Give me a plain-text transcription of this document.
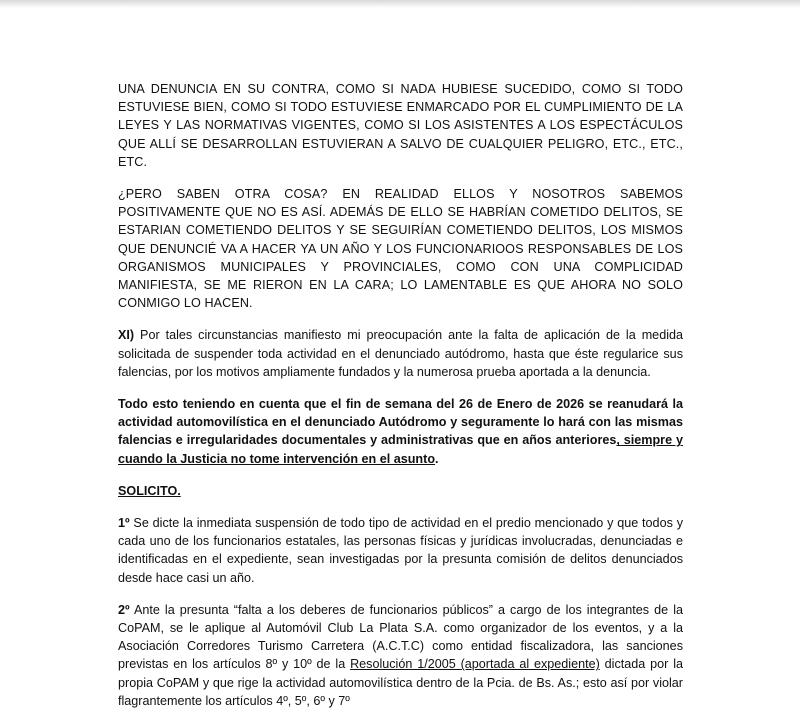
UNA DENUNCIA EN SU CONTRA, COMO SI NADA HUBIESE SUCEDIDO, COMO SI TODO ESTUVIESE BIEN, COMO SI TODO ESTUVIESE ENMARCADO POR EL CUMPLIMIENTO DE LA LEYES Y LAS NORMATIVAS VIGENTES, COMO SI LOS ASISTENTES A LOS ESPECTÁCULOS QUE ALLÍ SE DESARROLLAN ESTUVIERAN A SALVO DE CUALQUIER PELIGRO, ETC., ETC., ETC.

¿PERO SABEN OTRA COSA? EN REALIDAD ELLOS Y NOSOTROS SABEMOS POSITIVAMENTE QUE NO ES ASÍ. ADEMÁS DE ELLO SE HABRÍAN COMETIDO DELITOS, SE ESTARIAN COMETIENDO DELITOS Y SE SEGUIRÍAN COMETIENDO DELITOS, LOS MISMOS QUE DENUNCIÉ VA A HACER YA UN AÑO Y LOS FUNCIONARIOOS RESPONSABLES DE LOS ORGANISMOS MUNICIPALES Y PROVINCIALES, COMO CON UNA COMPLICIDAD MANIFIESTA, SE ME RIERON EN LA CARA; LO LAMENTABLE ES QUE AHORA NO SOLO CONMIGO LO HACEN.

XI) Por tales circunstancias manifiesto mi preocupación ante la falta de aplicación de la medida solicitada de suspender toda actividad en el denunciado autódromo, hasta que éste regularice sus falencias, por los motivos ampliamente fundados y la numerosa prueba aportada a la denuncia.

Todo esto teniendo en cuenta que el fin de semana del 26 de Enero de 2026 se reanudará la actividad automovilística en el denunciado Autódromo y seguramente lo hará con las mismas falencias e irregularidades documentales y administrativas que en años anteriores, siempre y cuando la Justicia no tome intervención en el asunto.

SOLICITO.

1º Se dicte la inmediata suspensión de todo tipo de actividad en el predio mencionado y que todos y cada uno de los funcionarios estatales, las personas físicas y jurídicas involucradas, denunciadas e identificadas en el expediente, sean investigadas por la presunta comisión de delitos denunciados desde hace casi un año.

2º Ante la presunta “falta a los deberes de funcionarios públicos” a cargo de los integrantes de la CoPAM, se le aplique al Automóvil Club La Plata S.A. como organizador de los eventos, y a la Asociación Corredores Turismo Carretera (A.C.T.C) como entidad fiscalizadora, las sanciones previstas en los artículos 8º y 10º de la Resolución 1/2005 (aportada al expediente) dictada por la propia CoPAM y que rige la actividad automovilística dentro de la Pcia. de Bs. As.; esto así por violar flagrantemente los artículos 4º, 5º, 6º y 7º
